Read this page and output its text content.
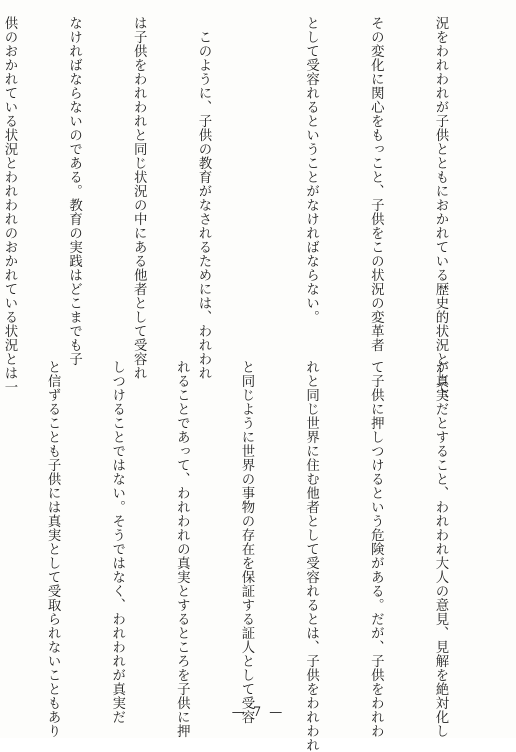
況をわれわれが子供とともにおかれている歴史的状況として、

その変化に関心をもっこと、子供をこの状況の変革者

として受容れるということがなければならない。

　このように、子供の教育がなされるためには、われわれ

は子供をわれわれと同じ状況の中にある他者として受容れ

なければならないのである。教育の実践はどこまでも子

供のおかれている状況とわれわれのおかれている状況とは一

が真実だとすること、われわれ大人の意見、見解を絶対化し

て子供に押しつけるという危険がある。だが、子供をわれわ

れと同じ世界に住む他者として受容れるとは、子供をわれわれ

と同じように世界の事物の存在を保証する証人として受容

れることであって、われわれの真実とするところを子供に押

しつけることではない。そうではなく、われわれが真実だ

と信ずることも子供には真実として受取られないこともあり

	— 7 —
